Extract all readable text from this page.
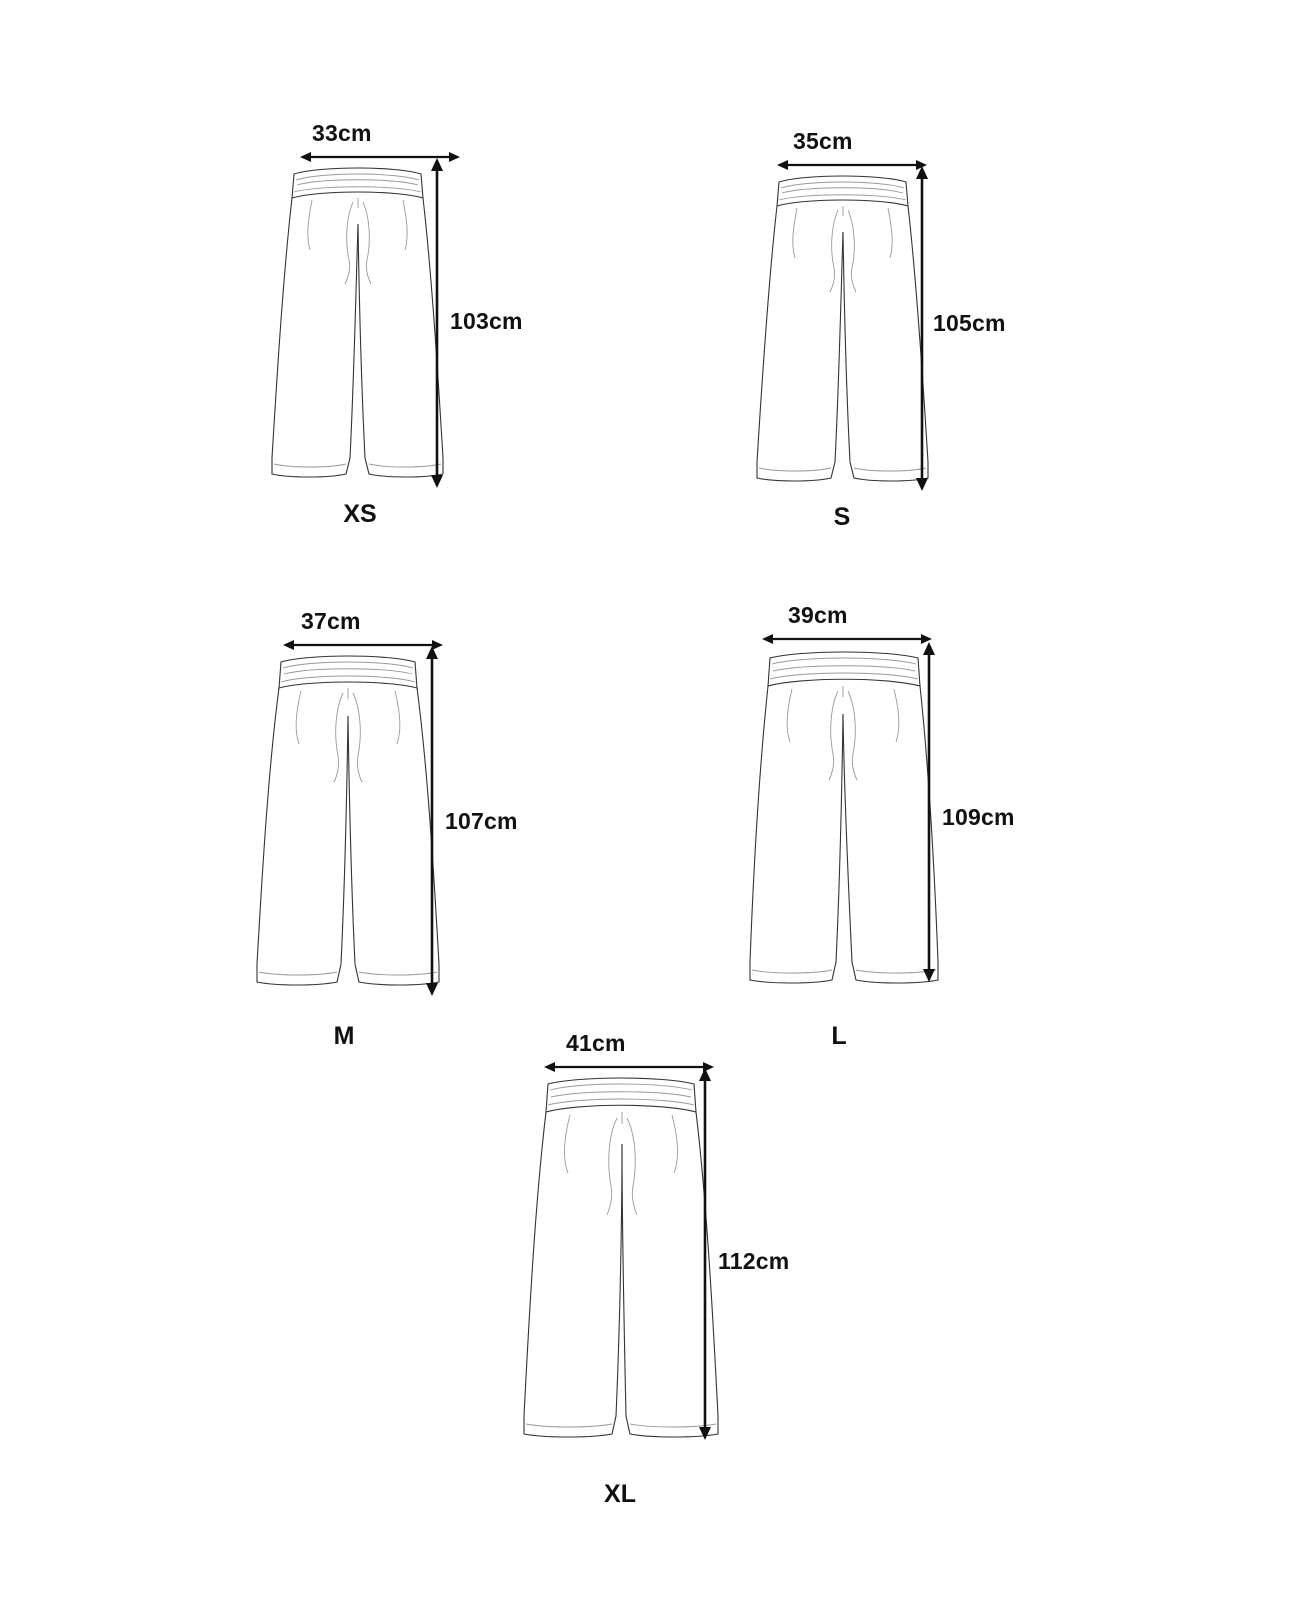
33cm
103cm
XS
35cm
105cm
S
37cm
107cm
M
39cm
109cm
L
41cm
112cm
XL
